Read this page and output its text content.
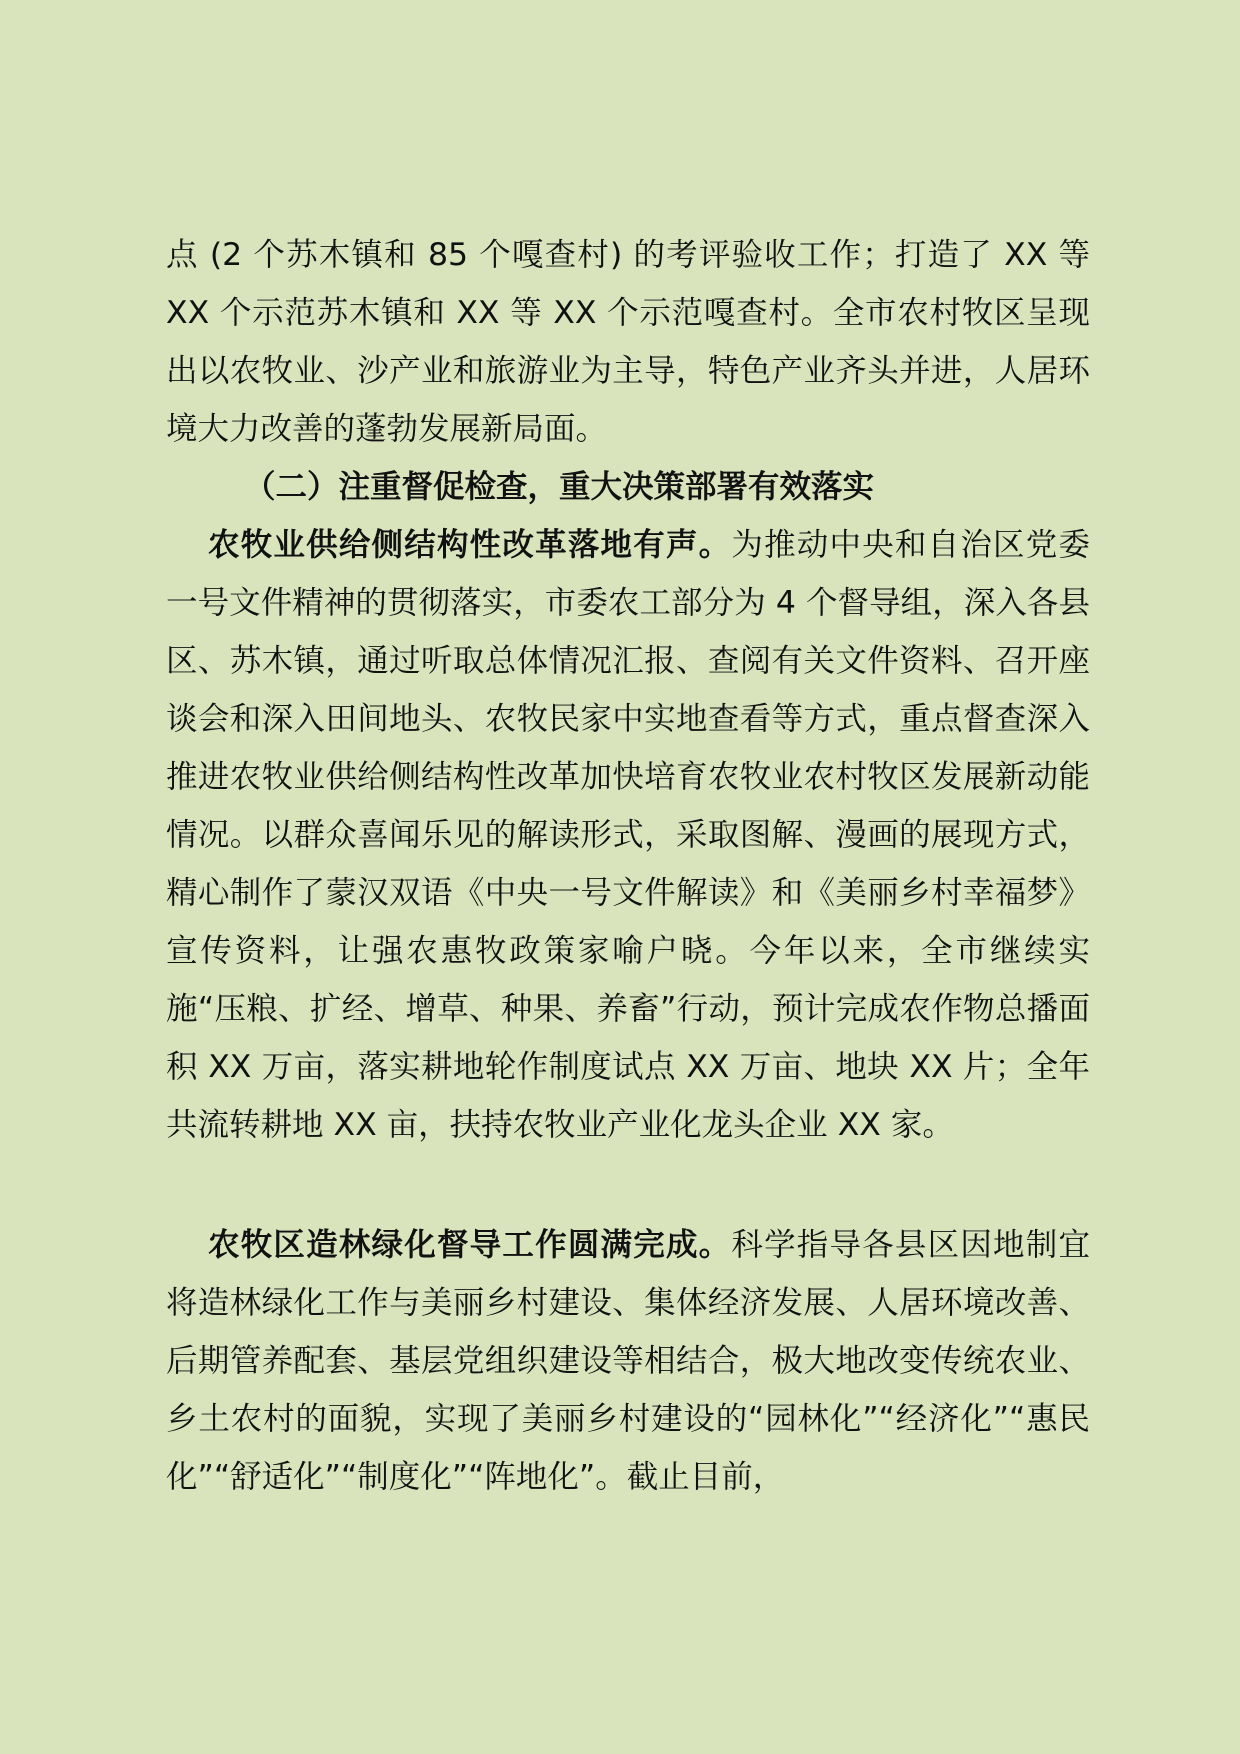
点 (2 个苏木镇和 85 个嘎查村) 的考评验收工作；打造了 XX 等 XX 个示范苏木镇和 XX 等 XX 个示范嘎查村。全市农村牧区呈现出以农牧业、沙产业和旅游业为主导，特色产业齐头并进，人居环境大力改善的蓬勃发展新局面。
（二）注重督促检查，重大决策部署有效落实
农牧业供给侧结构性改革落地有声。为推动中央和自治区党委一号文件精神的贯彻落实，市委农工部分为 4 个督导组，深入各县区、苏木镇，通过听取总体情况汇报、查阅有关文件资料、召开座谈会和深入田间地头、农牧民家中实地查看等方式，重点督查深入推进农牧业供给侧结构性改革加快培育农牧业农村牧区发展新动能情况。以群众喜闻乐见的解读形式，采取图解、漫画的展现方式，精心制作了蒙汉双语《中央一号文件解读》和《美丽乡村幸福梦》宣传资料，让强农惠牧政策家喻户晓。今年以来，全市继续实施“压粮、扩经、增草、种果、养畜”行动，预计完成农作物总播面积 XX 万亩，落实耕地轮作制度试点 XX 万亩、地块 XX 片；全年共流转耕地 XX 亩，扶持农牧业产业化龙头企业 XX 家。
农牧区造林绿化督导工作圆满完成。科学指导各县区因地制宜将造林绿化工作与美丽乡村建设、集体经济发展、人居环境改善、后期管养配套、基层党组织建设等相结合，极大地改变传统农业、乡土农村的面貌，实现了美丽乡村建设的“园林化”“经济化”“惠民化”“舒适化”“制度化”“阵地化”。截止目前，
